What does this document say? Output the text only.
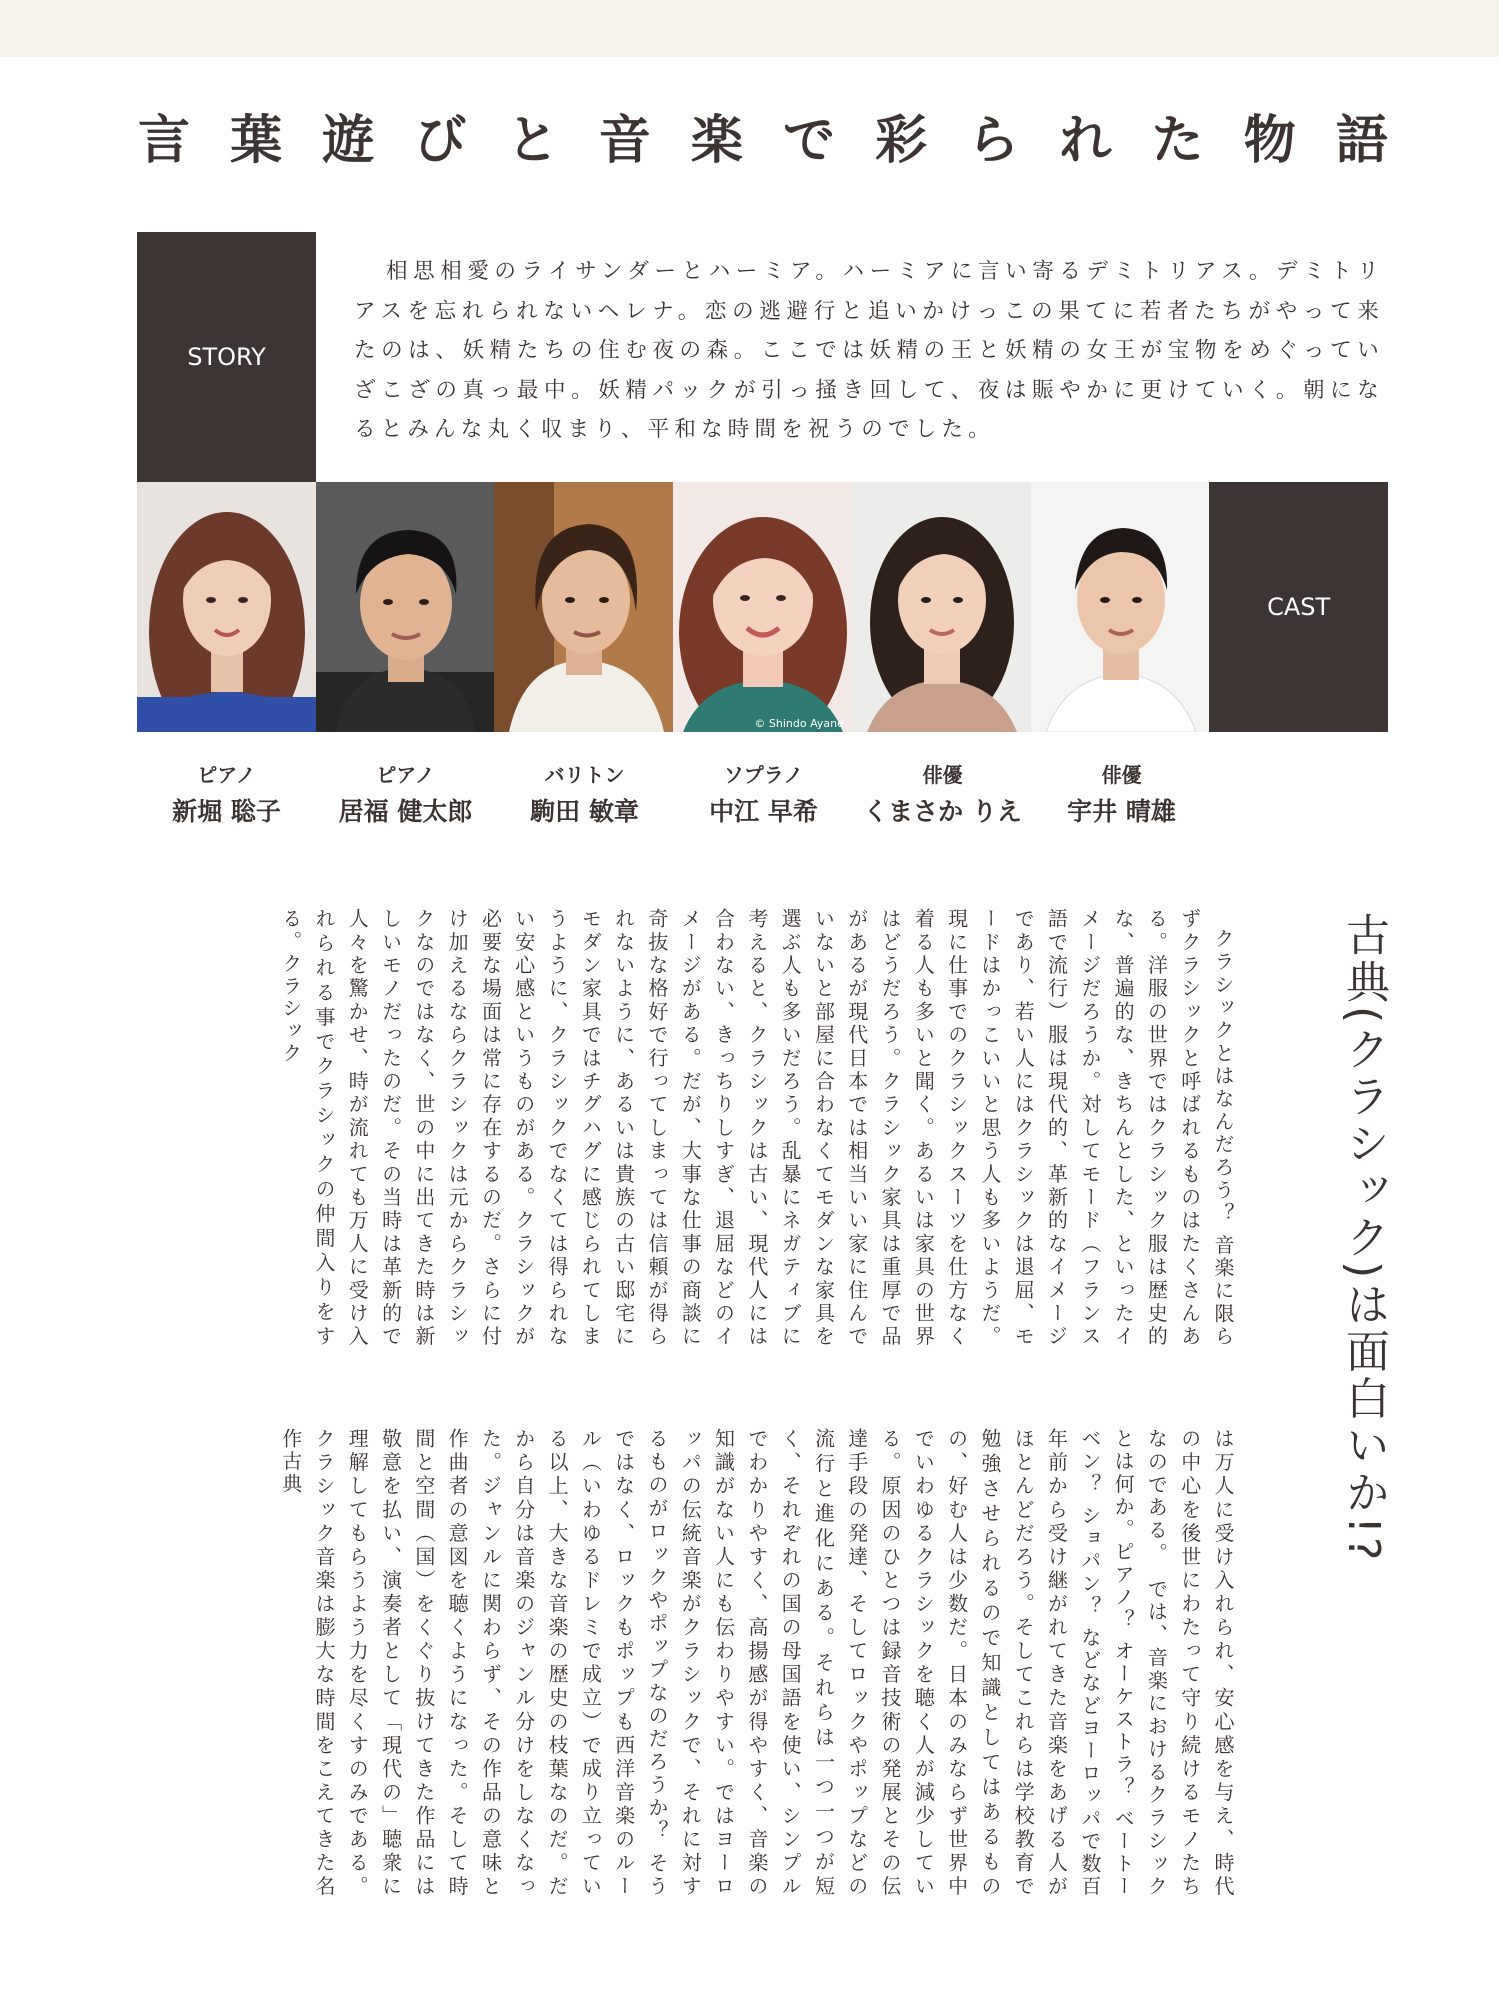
言 葉 遊 び と 音 楽 で 彩 ら れ た 物 語
STORY

相思相愛のライサンダーとハーミア。ハーミアに言い寄るデミトリアス。デミトリアスを忘れられないヘレナ。恋の逃避行と追いかけっこの果てに若者たちがやって来たのは、妖精たちの住む夜の森。ここでは妖精の王と妖精の女王が宝物をめぐっていざこざの真っ最中。妖精パックが引っ掻き回して、夜は賑やかに更けていく。朝になるとみんな丸く収まり、平和な時間を祝うのでした。

© Shindo Ayane
CAST
ピアノ
新堀 聡子
ピアノ
居福 健太郎
バリトン
駒田 敏章
ソプラノ
中江 早希
俳優
くまさか りえ
俳優
宇井 晴雄
古典(クラシック)は面白いか!?

クラシックとはなんだろう？ 音楽に限らずクラシックと呼ばれるものはたくさんある。洋服の世界ではクラシック服は歴史的な、普遍的な、きちんとした、といったイメージだろうか。対してモード（フランス語で流行）服は現代的、革新的なイメージであり、若い人にはクラシックは退屈、モードはかっこいいと思う人も多いようだ。現に仕事でのクラシックスーツを仕方なく着る人も多いと聞く。あるいは家具の世界はどうだろう。クラシック家具は重厚で品があるが現代日本では相当いい家に住んでいないと部屋に合わなくてモダンな家具を選ぶ人も多いだろう。乱暴にネガティブに考えると、クラシックは古い、現代人には合わない、きっちりしすぎ、退屈などのイメージがある。だが、大事な仕事の商談に奇抜な格好で行ってしまっては信頼が得られないように、あるいは貴族の古い邸宅にモダン家具ではチグハグに感じられてしまうように、クラシックでなくては得られない安心感というものがある。クラシックが必要な場面は常に存在するのだ。さらに付け加えるならクラシックは元からクラシックなのではなく、世の中に出てきた時は新しいモノだったのだ。その当時は革新的で人々を驚かせ、時が流れても万人に受け入れられる事でクラシックの仲間入りをする。クラシック

は万人に受け入れられ、安心感を与え、時代の中心を後世にわたって守り続けるモノたちなのである。　では、音楽におけるクラシックとは何か。ピアノ？ オーケストラ？ ベートーベン？ ショパン？ などなどヨーロッパで数百年前から受け継がれてきた音楽をあげる人がほとんどだろう。そしてこれらは学校教育で勉強させられるので知識としてはあるものの、好む人は少数だ。日本のみならず世界中でいわゆるクラシックを聴く人が減少している。原因のひとつは録音技術の発展とその伝達手段の発達、そしてロックやポップなどの流行と進化にある。それらは一つ一つが短く、それぞれの国の母国語を使い、シンプルでわかりやすく、高揚感が得やすく、音楽の知識がない人にも伝わりやすい。ではヨーロッパの伝統音楽がクラシックで、それに対するものがロックやポップなのだろうか？ そうではなく、ロックもポップも西洋音楽のルール（いわゆるドレミで成立）で成り立っている以上、大きな音楽の歴史の枝葉なのだ。だから自分は音楽のジャンル分けをしなくなった。ジャンルに関わらず、その作品の意味と作曲者の意図を聴くようになった。そして時間と空間（国）をくぐり抜けてきた作品には敬意を払い、演奏者として「現代の」聴衆に理解してもらうよう力を尽くすのみである。クラシック音楽は膨大な時間をこえてきた名作古典
